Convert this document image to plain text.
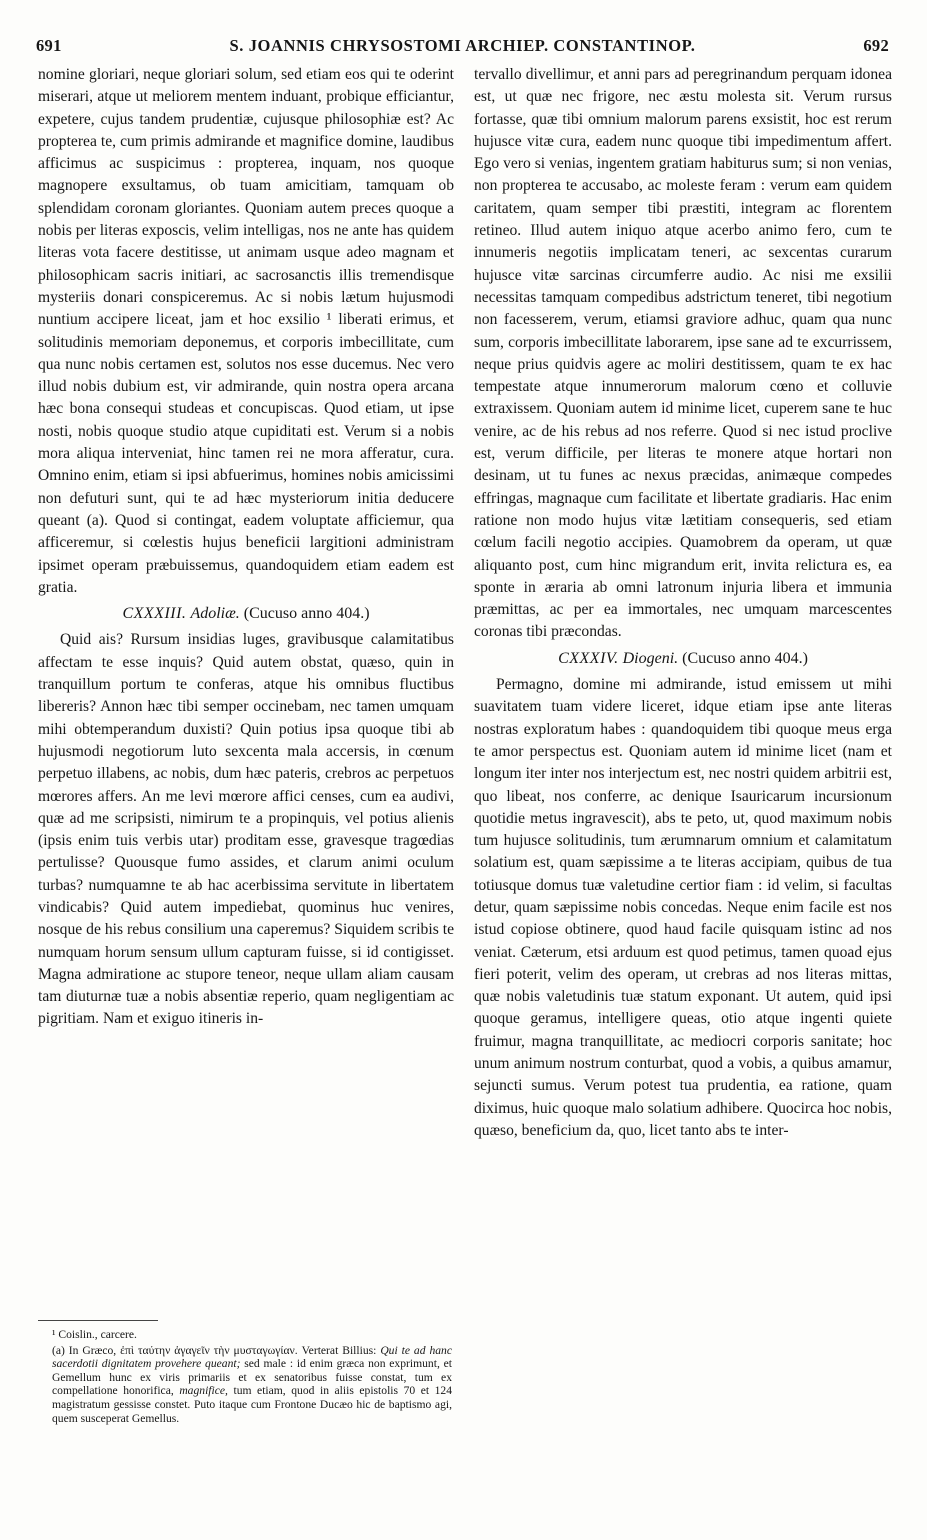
691	S. JOANNIS CHRYSOSTOMI ARCHIEP. CONSTANTINOP.	692

nomine gloriari, neque gloriari solum, sed etiam eos qui te oderint miserari, atque ut meliorem mentem induant, probique efficiantur, expetere, cujus tandem prudentiæ, cujusque philosophiæ est? Ac propterea te, cum primis admirande et magnifice domine, laudibus afficimus ac suspicimus : propterea, inquam, nos quoque magnopere exsultamus, ob tuam amicitiam, tamquam ob splendidam coronam gloriantes. Quoniam autem preces quoque a nobis per literas exposcis, velim intelligas, nos ne ante has quidem literas vota facere destitisse, ut animam usque adeo magnam et philosophicam sacris initiari, ac sacrosanctis illis tremendisque mysteriis donari conspiceremus. Ac si nobis lætum hujusmodi nuntium accipere liceat, jam et hoc exsilio ¹ liberati erimus, et solitudinis memoriam deponemus, et corporis imbecillitate, cum qua nunc nobis certamen est, solutos nos esse ducemus. Nec vero illud nobis dubium est, vir admirande, quin nostra opera arcana hæc bona consequi studeas et concupiscas. Quod etiam, ut ipse nosti, nobis quoque studio atque cupiditati est. Verum si a nobis mora aliqua interveniat, hinc tamen rei ne mora afferatur, cura. Omnino enim, etiam si ipsi abfuerimus, homines nobis amicissimi non defuturi sunt, qui te ad hæc mysteriorum initia deducere queant (a). Quod si contingat, eadem voluptate afficiemur, qua afficeremur, si cœlestis hujus beneficii largitioni administram ipsimet operam præbuissemus, quandoquidem etiam eadem est gratia.

CXXXIII. Adoliæ. (Cucuso anno 404.)

Quid ais? Rursum insidias luges, gravibusque calamitatibus affectam te esse inquis? Quid autem obstat, quæso, quin in tranquillum portum te conferas, atque his omnibus fluctibus libereris? Annon hæc tibi semper occinebam, nec tamen umquam mihi obtemperandum duxisti? Quin potius ipsa quoque tibi ab hujusmodi negotiorum luto sexcenta mala accersis, in cœnum perpetuo illabens, ac nobis, dum hæc pateris, crebros ac perpetuos mœrores affers. An me levi mœrore affici censes, cum ea audivi, quæ ad me scripsisti, nimirum te a propinquis, vel potius alienis (ipsis enim tuis verbis utar) proditam esse, gravesque tragœdias pertulisse? Quousque fumo assides, et clarum animi oculum turbas? numquamne te ab hac acerbissima servitute in libertatem vindicabis? Quid autem impediebat, quominus huc venires, nosque de his rebus consilium una caperemus? Siquidem scribis te numquam horum sensum ullum capturam fuisse, si id contigisset. Magna admiratione ac stupore teneor, neque ullam aliam causam tam diuturnæ tuæ a nobis absentiæ reperio, quam negligentiam ac pigritiam. Nam et exiguo itineris in-

tervallo divellimur, et anni pars ad peregrinandum perquam idonea est, ut quæ nec frigore, nec æstu molesta sit. Verum rursus fortasse, quæ tibi omnium malorum parens exsistit, hoc est rerum hujusce vitæ cura, eadem nunc quoque tibi impedimentum affert. Ego vero si venias, ingentem gratiam habiturus sum; si non venias, non propterea te accusabo, ac moleste feram : verum eam quidem caritatem, quam semper tibi præstiti, integram ac florentem retineo. Illud autem iniquo atque acerbo animo fero, cum te innumeris negotiis implicatam teneri, ac sexcentas curarum hujusce vitæ sarcinas circumferre audio. Ac nisi me exsilii necessitas tamquam compedibus adstrictum teneret, tibi negotium non facesserem, verum, etiamsi graviore adhuc, quam qua nunc sum, corporis imbecillitate laborarem, ipse sane ad te excurrissem, neque prius quidvis agere ac moliri destitissem, quam te ex hac tempestate atque innumerorum malorum cœno et colluvie extraxissem. Quoniam autem id minime licet, cuperem sane te huc venire, ac de his rebus ad nos referre. Quod si nec istud proclive est, verum difficile, per literas te monere atque hortari non desinam, ut tu funes ac nexus præcidas, animæque compedes effringas, magnaque cum facilitate et libertate gradiaris. Hac enim ratione non modo hujus vitæ lætitiam consequeris, sed etiam cœlum facili negotio accipies. Quamobrem da operam, ut quæ aliquanto post, cum hinc migrandum erit, invita relictura es, ea sponte in æraria ab omni latronum injuria libera et immunia præmittas, ac per ea immortales, nec umquam marcescentes coronas tibi præcondas.

CXXXIV. Diogeni. (Cucuso anno 404.)

Permagno, domine mi admirande, istud emissem ut mihi suavitatem tuam videre liceret, idque etiam ipse ante literas nostras exploratum habes : quandoquidem tibi quoque meus erga te amor perspectus est. Quoniam autem id minime licet (nam et longum iter inter nos interjectum est, nec nostri quidem arbitrii est, quo libeat, nos conferre, ac denique Isauricarum incursionum quotidie metus ingravescit), abs te peto, ut, quod maximum nobis tum hujusce solitudinis, tum ærumnarum omnium et calamitatum solatium est, quam sæpissime a te literas accipiam, quibus de tua totiusque domus tuæ valetudine certior fiam : id velim, si facultas detur, quam sæpissime nobis concedas. Neque enim facile est nos istud copiose obtinere, quod haud facile quisquam istinc ad nos veniat. Cæterum, etsi arduum est quod petimus, tamen quoad ejus fieri poterit, velim des operam, ut crebras ad nos literas mittas, quæ nobis valetudinis tuæ statum exponant. Ut autem, quid ipsi quoque geramus, intelligere queas, otio atque ingenti quiete fruimur, magna tranquillitate, ac mediocri corporis sanitate; hoc unum animum nostrum conturbat, quod a vobis, a quibus amamur, sejuncti sumus. Verum potest tua prudentia, ea ratione, quam diximus, huic quoque malo solatium adhibere. Quocirca hoc nobis, quæso, beneficium da, quo, licet tanto abs te inter-

¹ Coislin., carcere.

(a) In Græco, ἐπὶ ταύτην ἀγαγεῖν τὴν μυσταγωγίαν. Verterat Billius: Qui te ad hanc sacerdotii dignitatem provehere queant; sed male : id enim græca non exprimunt, et Gemellum hunc ex viris primariis et ex senatoribus fuisse constat, tum ex compellatione honorifica, magnifice, tum etiam, quod in aliis epistolis 70 et 124 magistratum gessisse constet. Puto itaque cum Frontone Ducæo hic de baptismo agi, quem susceperat Gemellus.
